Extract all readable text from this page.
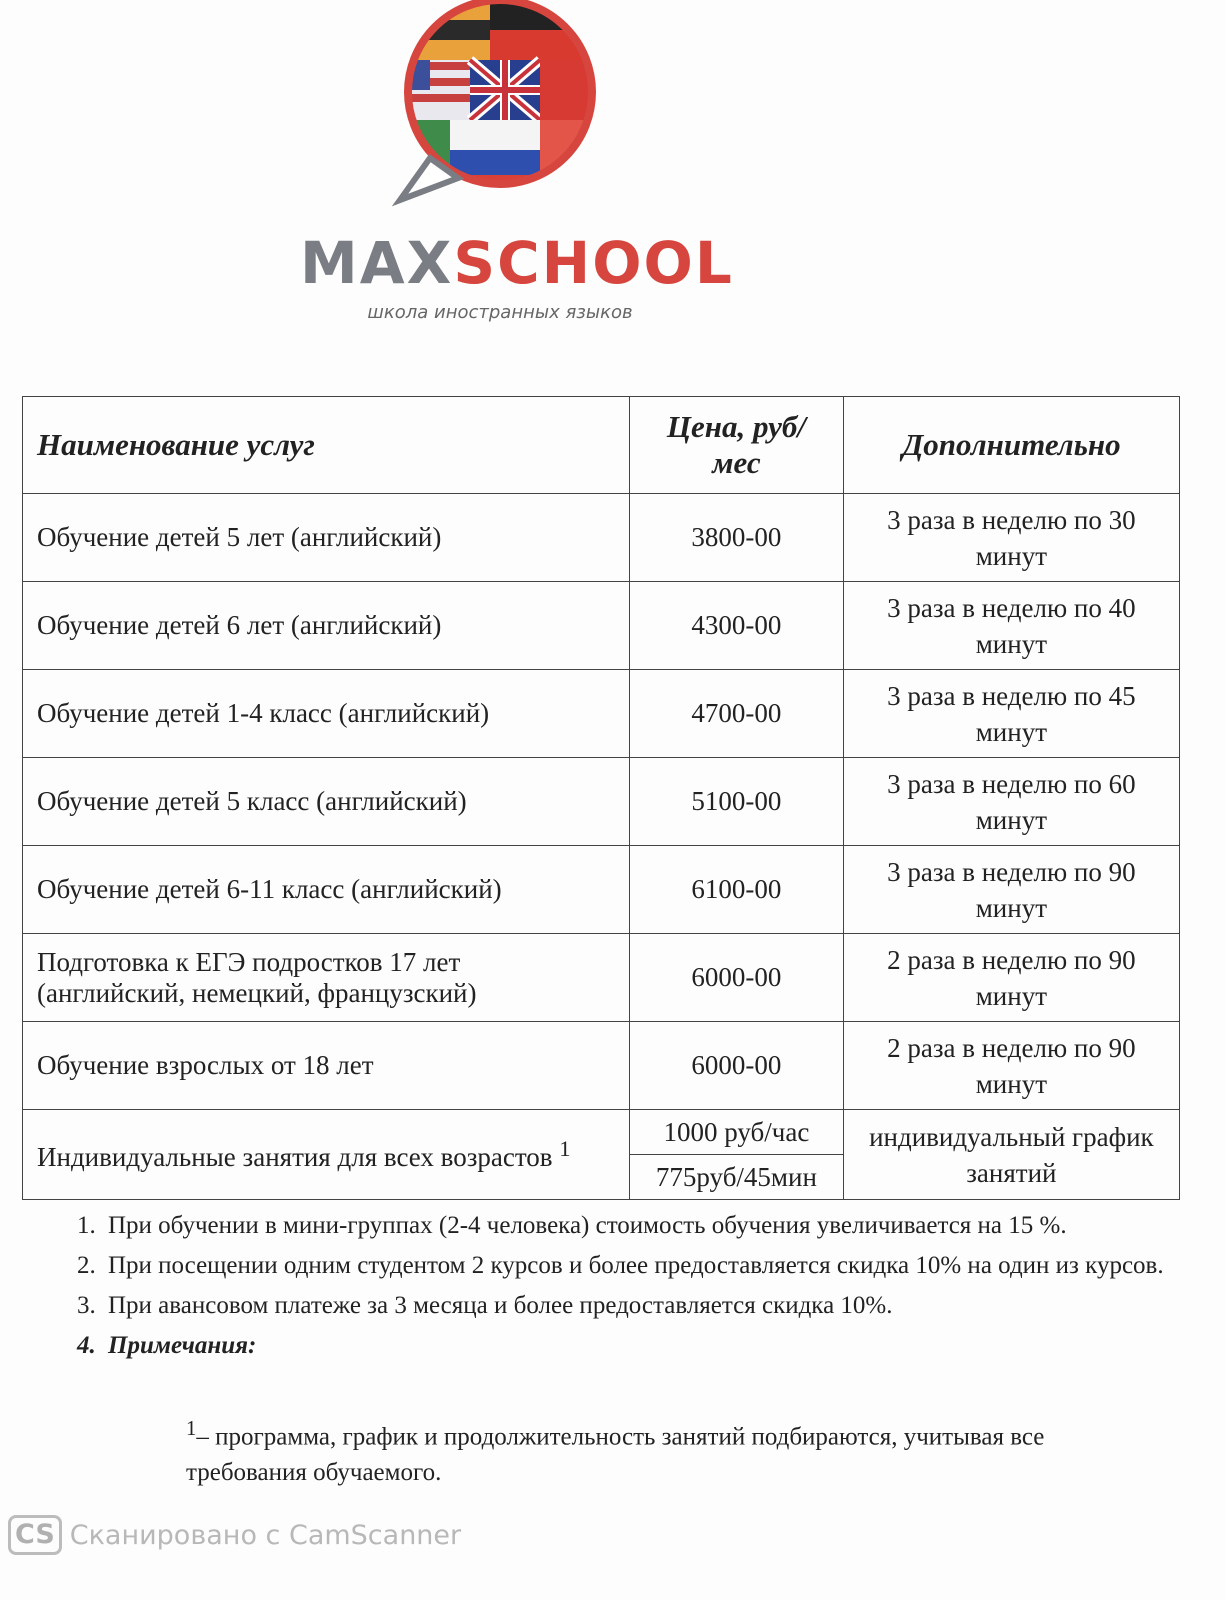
MAXSCHOOL
школа иностранных языков
Наименование услуг	Цена, руб/мес	Дополнительно
Обучение детей 5 лет (английский)	3800-00	3 раза в неделю по 30 минут
Обучение детей 6 лет (английский)	4300-00	3 раза в неделю по 40 минут
Обучение детей 1-4 класс (английский)	4700-00	3 раза в неделю по 45 минут
Обучение детей 5 класс (английский)	5100-00	3 раза в неделю по 60 минут
Обучение детей 6-11 класс (английский)	6100-00	3 раза в неделю по 90 минут
Подготовка к ЕГЭ подростков 17 лет (английский, немецкий, французский)	6000-00	2 раза в неделю по 90 минут
Обучение взрослых от 18 лет	6000-00	2 раза в неделю по 90 минут
Индивидуальные занятия для всех возрастов $^1$	1000 руб/час	индивидуальный график занятий
	775руб/45мин	
1. При обучении в мини-группах (2-4 человека) стоимость обучения увеличивается на 15 %.
2. При посещении одним студентом 2 курсов и более предоставляется скидка 10% на один из курсов.
3. При авансовом платеже за 3 месяца и более предоставляется скидка 10%.
4. Примечания:
$^1$– программа, график и продолжительность занятий подбираются, учитывая все требования обучаемого.
CS Сканировано с CamScanner
